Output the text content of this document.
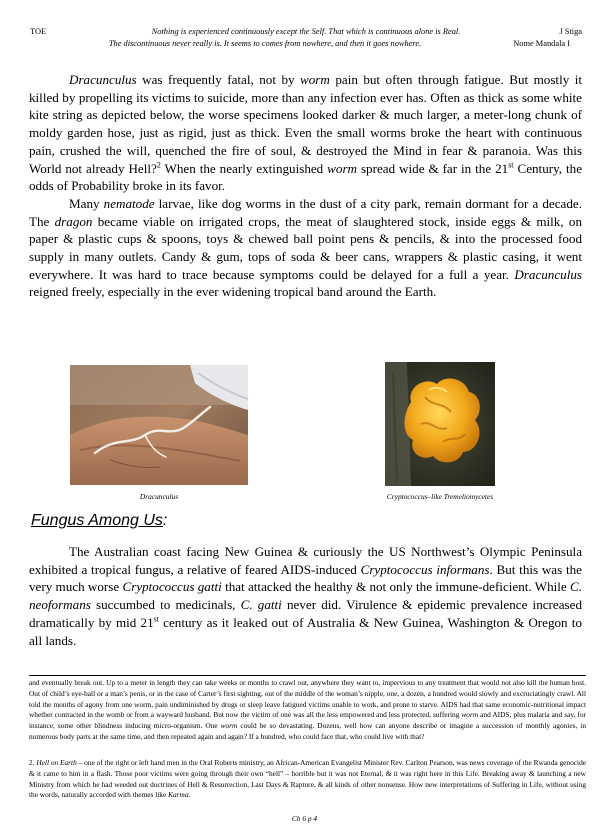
TOE	Nothing is experienced continuously except the Self. That which is continuous alone is Real.	J Stiga
The discontinuous never really is. It seems to comes from nowhere, and then it goes nowhere.	Nome Mandala I

Dracunculus was frequently fatal, not by worm pain but often through fatigue. But mostly it killed by propelling its victims to suicide, more than any infection ever has. Often as thick as some white kite string as depicted below, the worse specimens looked darker & much larger, a meter-long chunk of moldy garden hose, just as rigid, just as thick. Even the small worms broke the heart with continuous pain, crushed the will, quenched the fire of soul, & destroyed the Mind in fear & paranoia. Was this World not already Hell?$^2$ When the nearly extinguished worm spread wide & far in the 21st Century, the odds of Probability broke in its favor.

Many nematode larvae, like dog worms in the dust of a city park, remain dormant for a decade. The dragon became viable on irrigated crops, the meat of slaughtered stock, inside eggs & milk, on paper & plastic cups & spoons, toys & chewed ball point pens & pencils, & into the processed food supply in many outlets. Candy & gum, tops of soda & beer cans, wrappers & plastic casing, it went everywhere. It was hard to trace because symptoms could be delayed for a full a year. Dracunculus reigned freely, especially in the ever widening tropical band around the Earth.

Dracunculus	Cryptococcus–like Tremeliomycetes
Fungus Among Us:

The Australian coast facing New Guinea & curiously the US Northwest’s Olympic Peninsula exhibited a tropical fungus, a relative of feared AIDS-induced Cryptococcus informans. But this was the very much worse Cryptococcus gatti that attacked the healthy & not only the immune-deficient. While C. neoformans succumbed to medicinals, C. gatti never did. Virulence & epidemic prevalence increased dramatically by mid 21st century as it leaked out of Australia & New Guinea, Washington & Oregon to all lands.

and eventually break out. Up to a meter in length they can take weeks or months to crawl out, anywhere they want to, impervious to any treatment that would not also kill the human host. Out of child’s eye-ball or a man’s penis, or in the case of Carter’s first sighting, out of the middle of the woman’s nipple, one, a dozen, a hundred would slowly and excruciatingly crawl. All told the months of agony from one worm, pain undiminished by drugs or sleep leave fatigued victims unable to work, and prone to starve. AIDS had that same economic-nutritional impact whether contracted in the womb or from a wayward husband. But now the victim of one was all the less empowered and less protected, suffering worm and AIDS, plus malaria and say, for instance, some other blindness inducing micro-organism. One worm could be so devastating. Dozens, well how can anyone describe or imagine a succession of monthly agonies, in numerous body parts at the same time, and then repeated again and again? If a hundred, who could face that, who could live with that?

2. Hell on Earth – one of the right or left hand men in the Oral Roberts ministry, an African-American Evangelist Minister Rev. Carlton Pearson, was news coverage of the Rwanda genocide & it came to him in a flash. Those poor victims were going through their own “hell” – horrible but it was not Eternal, & it was right here in this Life. Breaking away & launching a new Ministry from which he had weeded out doctrines of Hell & Resurrection, Last Days & Rapture, & all kinds of other nonsense. How new interpretations of Suffering in Life, without using the words, naturally accorded with themes like Karma.

Ch 6 p 4
